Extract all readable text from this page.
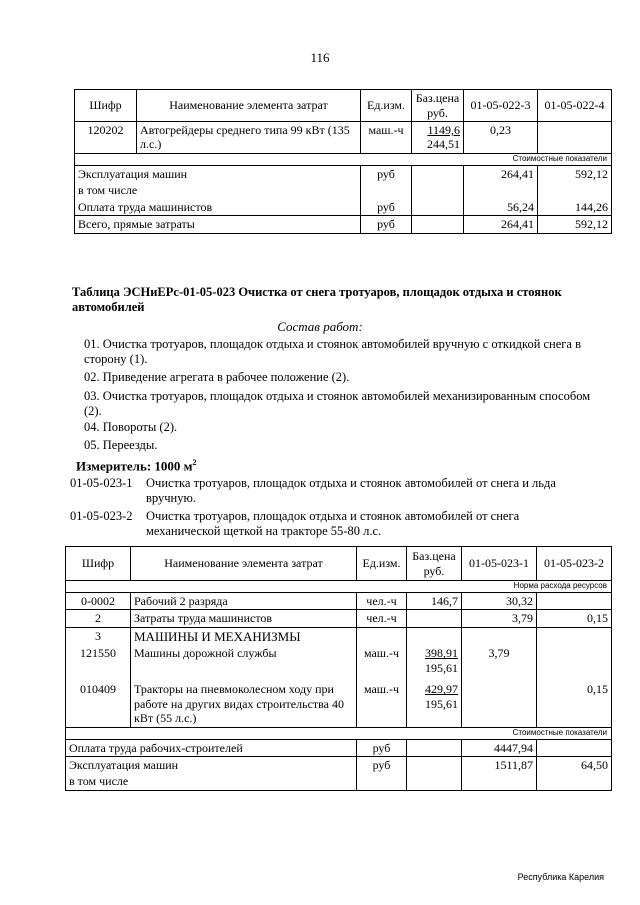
116
Шифр	Наименование элемента затрат	Ед.изм.	Баз.цена руб.	01-05-022-3	01-05-022-4
120202	Автогрейдеры среднего типа 99 кВт (135 л.с.)	маш.-ч	1149,6
244,51	0,23	
Стоимостные показатели					
Эксплуатация машин		руб		264,41	592,12
в том числе					
Оплата труда машинистов		руб		56,24	144,26
Всего, прямые затраты		руб		264,41	592,12
Таблица ЭСНиЕРс-01-05-023 Очистка от снега тротуаров, площадок отдыха и стоянок автомобилей
Состав работ:
01. Очистка тротуаров, площадок отдыха и стоянок автомобилей вручную с откидкой снега в сторону (1).
02. Приведение агрегата в рабочее положение (2).
03. Очистка тротуаров, площадок отдыха и стоянок автомобилей механизированным способом (2).
04. Повороты (2).
05. Переезды.
Измеритель: 1000 $м^2$
01-05-023-1 Очистка тротуаров, площадок отдыха и стоянок автомобилей от снега и льда
вручную.
01-05-023-2 Очистка тротуаров, площадок отдыха и стоянок автомобилей от снега
механической щеткой на тракторе 55-80 л.с.
Шифр	Наименование элемента затрат	Ед.изм.	Баз.цена руб.	01-05-023-1	01-05-023-2
Норма расхода ресурсов					
0-0002	Рабочий 2 разряда	чел.-ч	146,7	30,32	
2	Затраты труда машинистов	чел.-ч		3,79	0,15
3	МАШИНЫ И МЕХАНИЗМЫ				
121550	Машины дорожной службы	маш.-ч	398,91
195,61	3,79	
010409	Тракторы на пневмоколесном ходу при работе на других видах строительства 40 кВт (55 л.с.)	маш.-ч	429,97
195,61		0,15
Стоимостные показатели					
Оплата труда рабочих-строителей		руб		4447,94	
Эксплуатация машин		руб		1511,87	64,50
в том числе					
Республика Карелия
